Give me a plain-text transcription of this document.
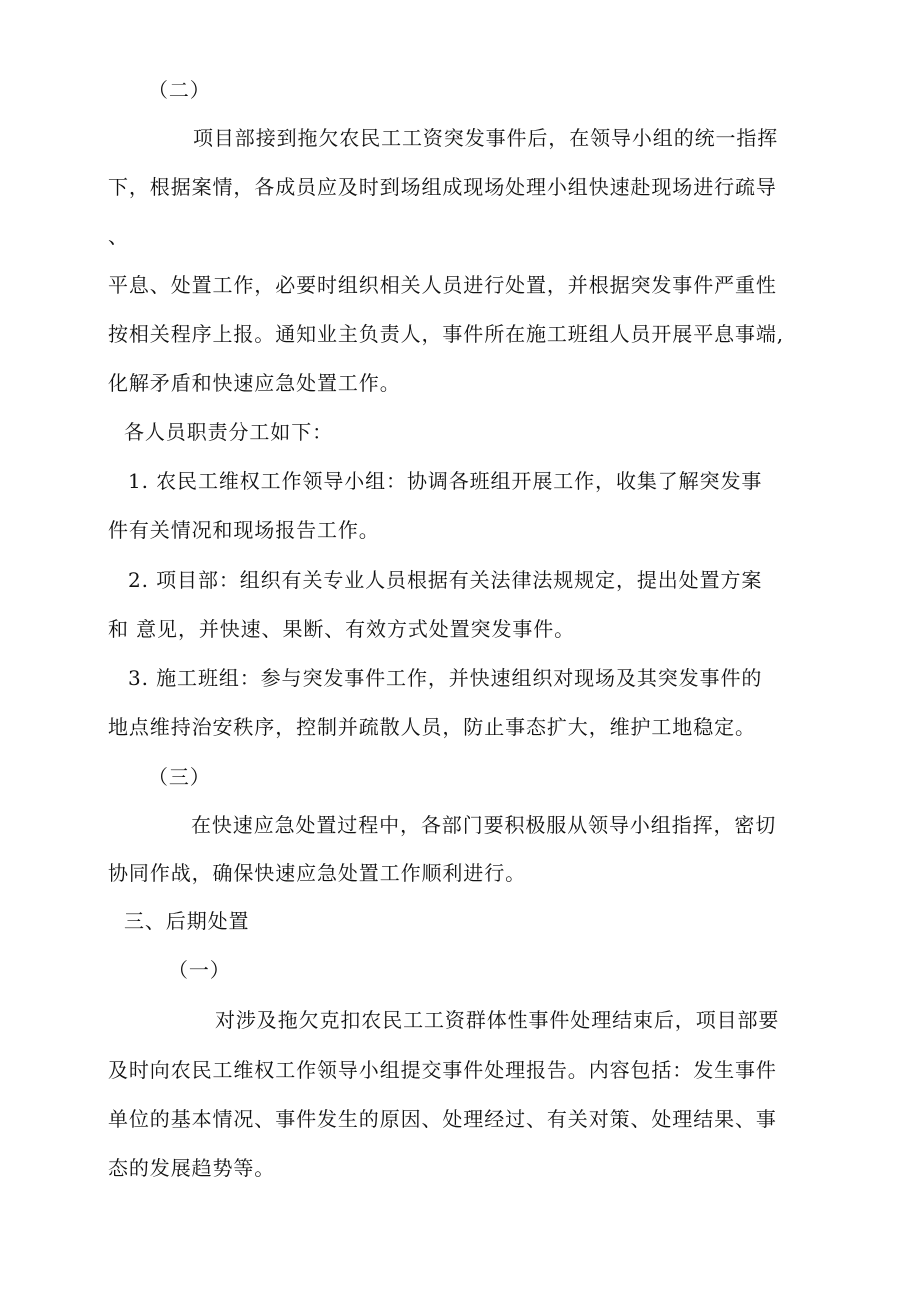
（二）
项目部接到拖欠农民工工资突发事件后，在领导小组的统一指挥
下，根据案情，各成员应及时到场组成现场处理小组快速赴现场进行疏导
、
平息、处置工作，必要时组织相关人员进行处置，并根据突发事件严重性
按相关程序上报。通知业主负责人，事件所在施工班组人员开展平息事端,
化解矛盾和快速应急处置工作。
各人员职责分工如下：
1. 农民工维权工作领导小组：协调各班组开展工作，收集了解突发事
件有关情况和现场报告工作。
2. 项目部：组织有关专业人员根据有关法律法规规定，提出处置方案
和 意见，并快速、果断、有效方式处置突发事件。
3. 施工班组：参与突发事件工作，并快速组织对现场及其突发事件的
地点维持治安秩序，控制并疏散人员，防止事态扩大，维护工地稳定。
（三）
在快速应急处置过程中，各部门要积极服从领导小组指挥，密切
协同作战，确保快速应急处置工作顺利进行。
三、后期处置
（一）
对涉及拖欠克扣农民工工资群体性事件处理结束后，项目部要
及时向农民工维权工作领导小组提交事件处理报告。内容包括：发生事件
单位的基本情况、事件发生的原因、处理经过、有关对策、处理结果、事
态的发展趋势等。
